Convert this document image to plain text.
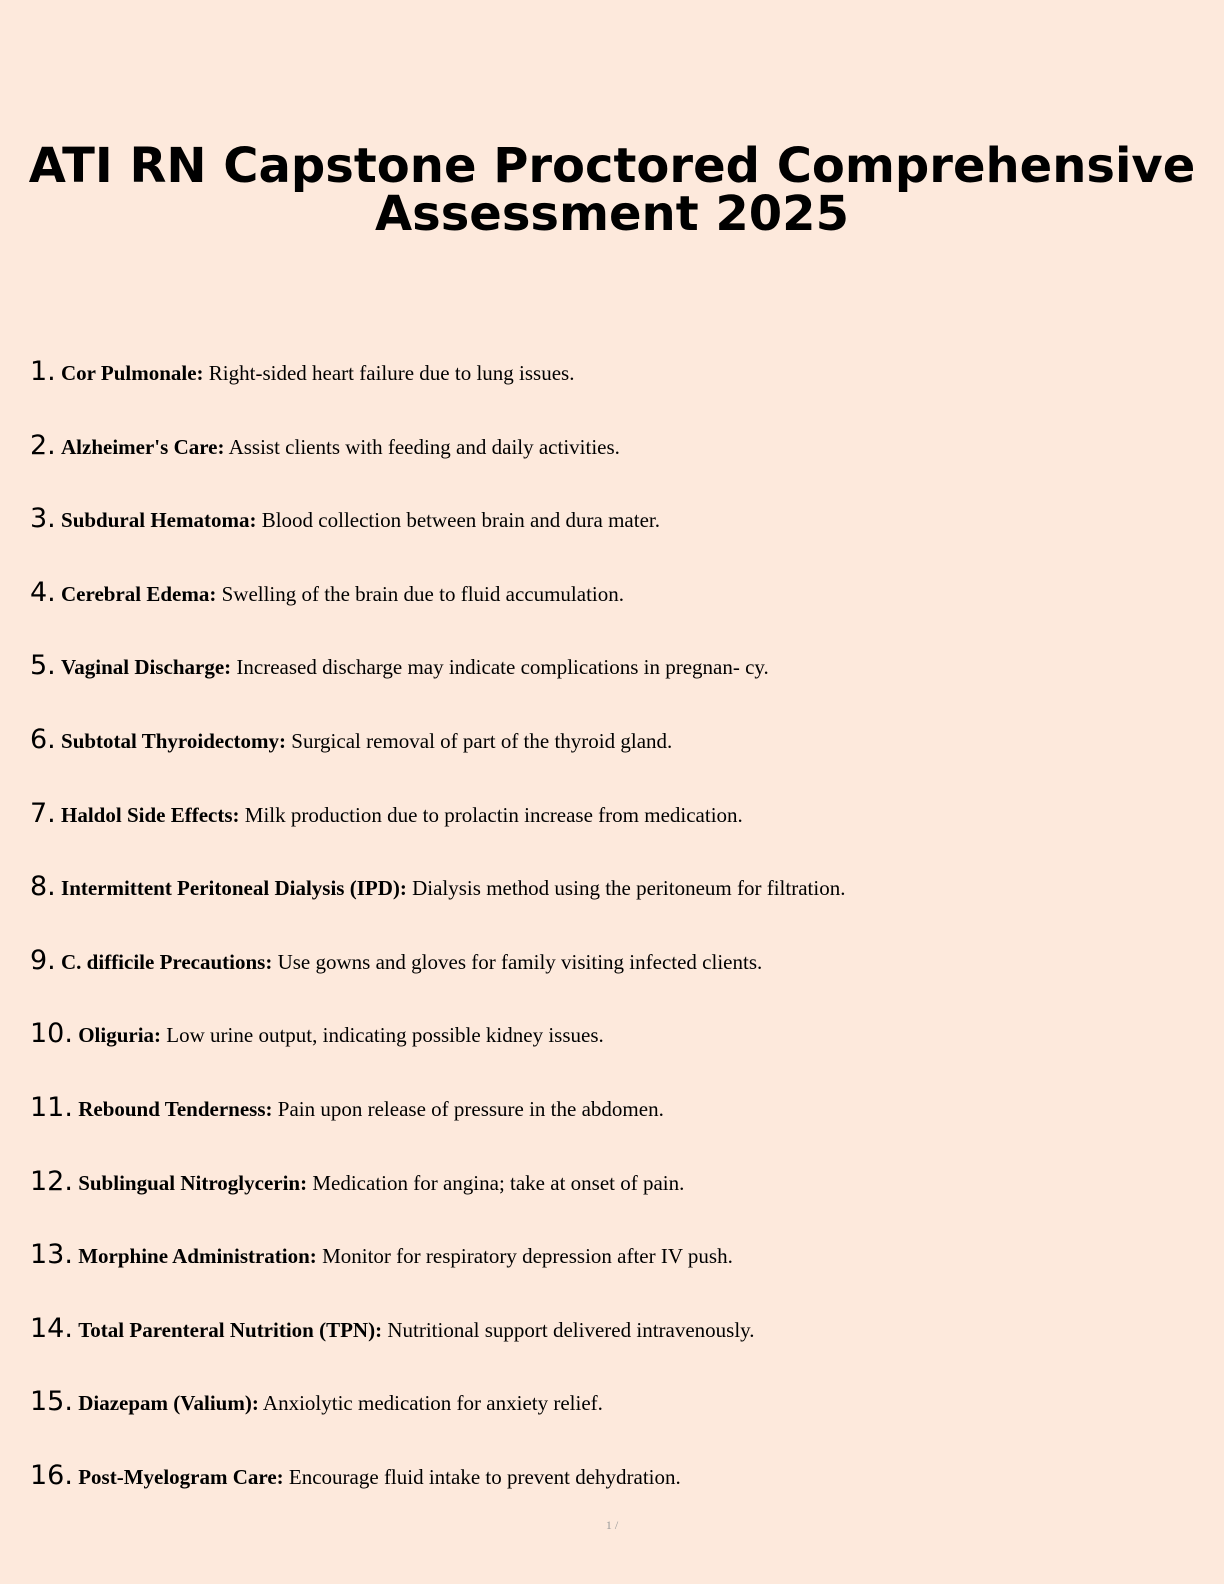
ATI RN Capstone Proctored Comprehensive
Assessment 2025
1. Cor Pulmonale: Right-sided heart failure due to lung issues.
2. Alzheimer's Care: Assist clients with feeding and daily activities.
3. Subdural Hematoma: Blood collection between brain and dura mater.
4. Cerebral Edema: Swelling of the brain due to fluid accumulation.
5. Vaginal Discharge: Increased discharge may indicate complications in pregnan- cy.
6. Subtotal Thyroidectomy: Surgical removal of part of the thyroid gland.
7. Haldol Side Effects: Milk production due to prolactin increase from medication.
8. Intermittent Peritoneal Dialysis (IPD): Dialysis method using the peritoneum for filtration.
9. C. difficile Precautions: Use gowns and gloves for family visiting infected clients.
10. Oliguria: Low urine output, indicating possible kidney issues.
11. Rebound Tenderness: Pain upon release of pressure in the abdomen.
12. Sublingual Nitroglycerin: Medication for angina; take at onset of pain.
13. Morphine Administration: Monitor for respiratory depression after IV push.
14. Total Parenteral Nutrition (TPN): Nutritional support delivered intravenously.
15. Diazepam (Valium): Anxiolytic medication for anxiety relief.
16. Post-Myelogram Care: Encourage fluid intake to prevent dehydration.
1 /
